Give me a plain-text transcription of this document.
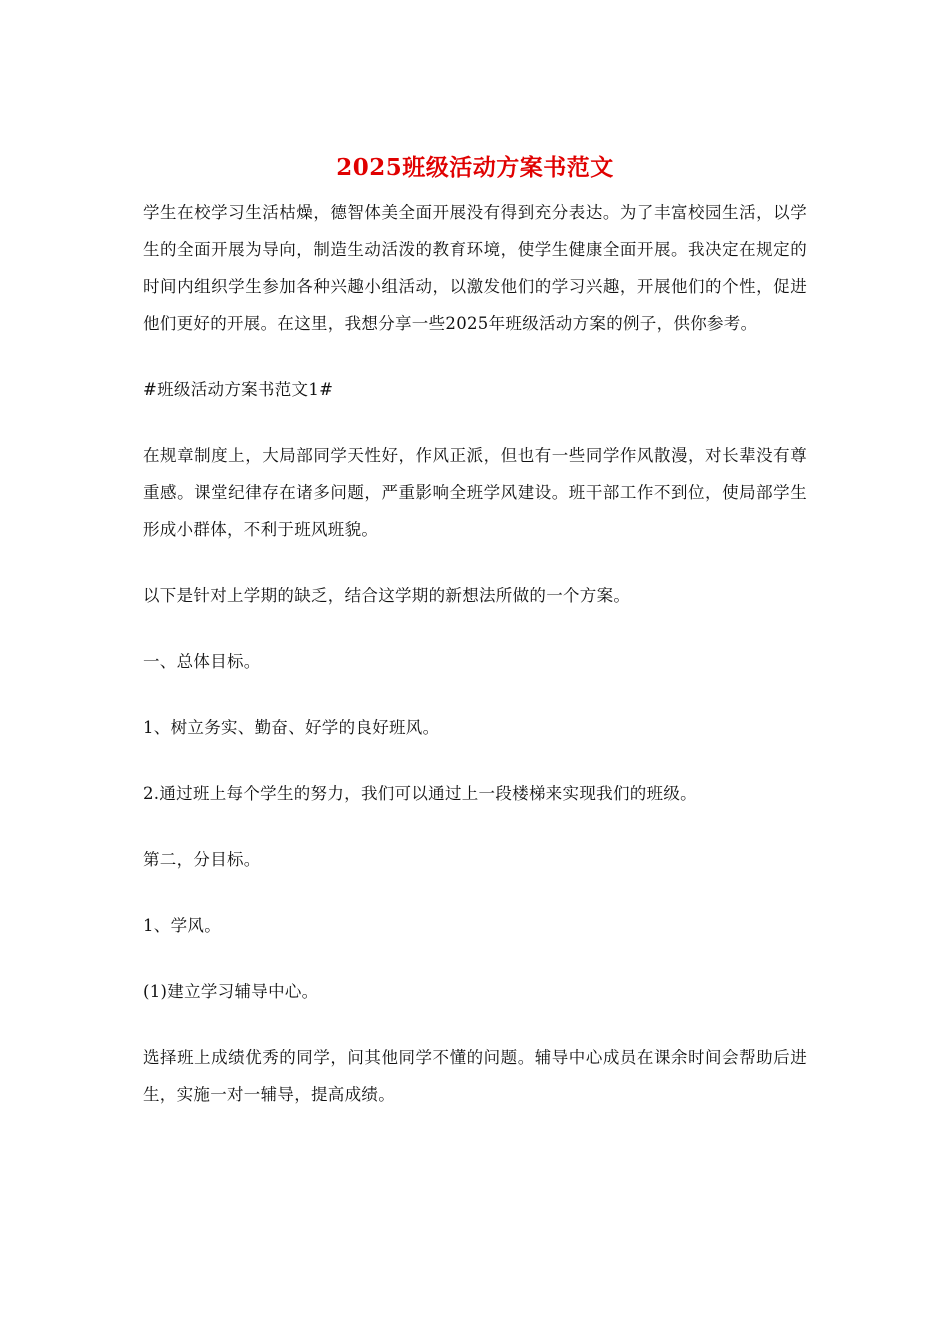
2025班级活动方案书范文

学生在校学习生活枯燥，德智体美全面开展没有得到充分表达。为了丰富校园生活，以学生的全面开展为导向，制造生动活泼的教育环境，使学生健康全面开展。我决定在规定的时间内组织学生参加各种兴趣小组活动，以激发他们的学习兴趣，开展他们的个性，促进他们更好的开展。在这里，我想分享一些2025年班级活动方案的例子，供你参考。

#班级活动方案书范文1#

在规章制度上，大局部同学天性好，作风正派，但也有一些同学作风散漫，对长辈没有尊重感。课堂纪律存在诸多问题，严重影响全班学风建设。班干部工作不到位，使局部学生形成小群体，不利于班风班貌。

以下是针对上学期的缺乏，结合这学期的新想法所做的一个方案。

一、总体目标。

1、树立务实、勤奋、好学的良好班风。

2.通过班上每个学生的努力，我们可以通过上一段楼梯来实现我们的班级。

第二，分目标。

1、学风。

(1)建立学习辅导中心。

选择班上成绩优秀的同学，问其他同学不懂的问题。辅导中心成员在课余时间会帮助后进生，实施一对一辅导，提高成绩。
